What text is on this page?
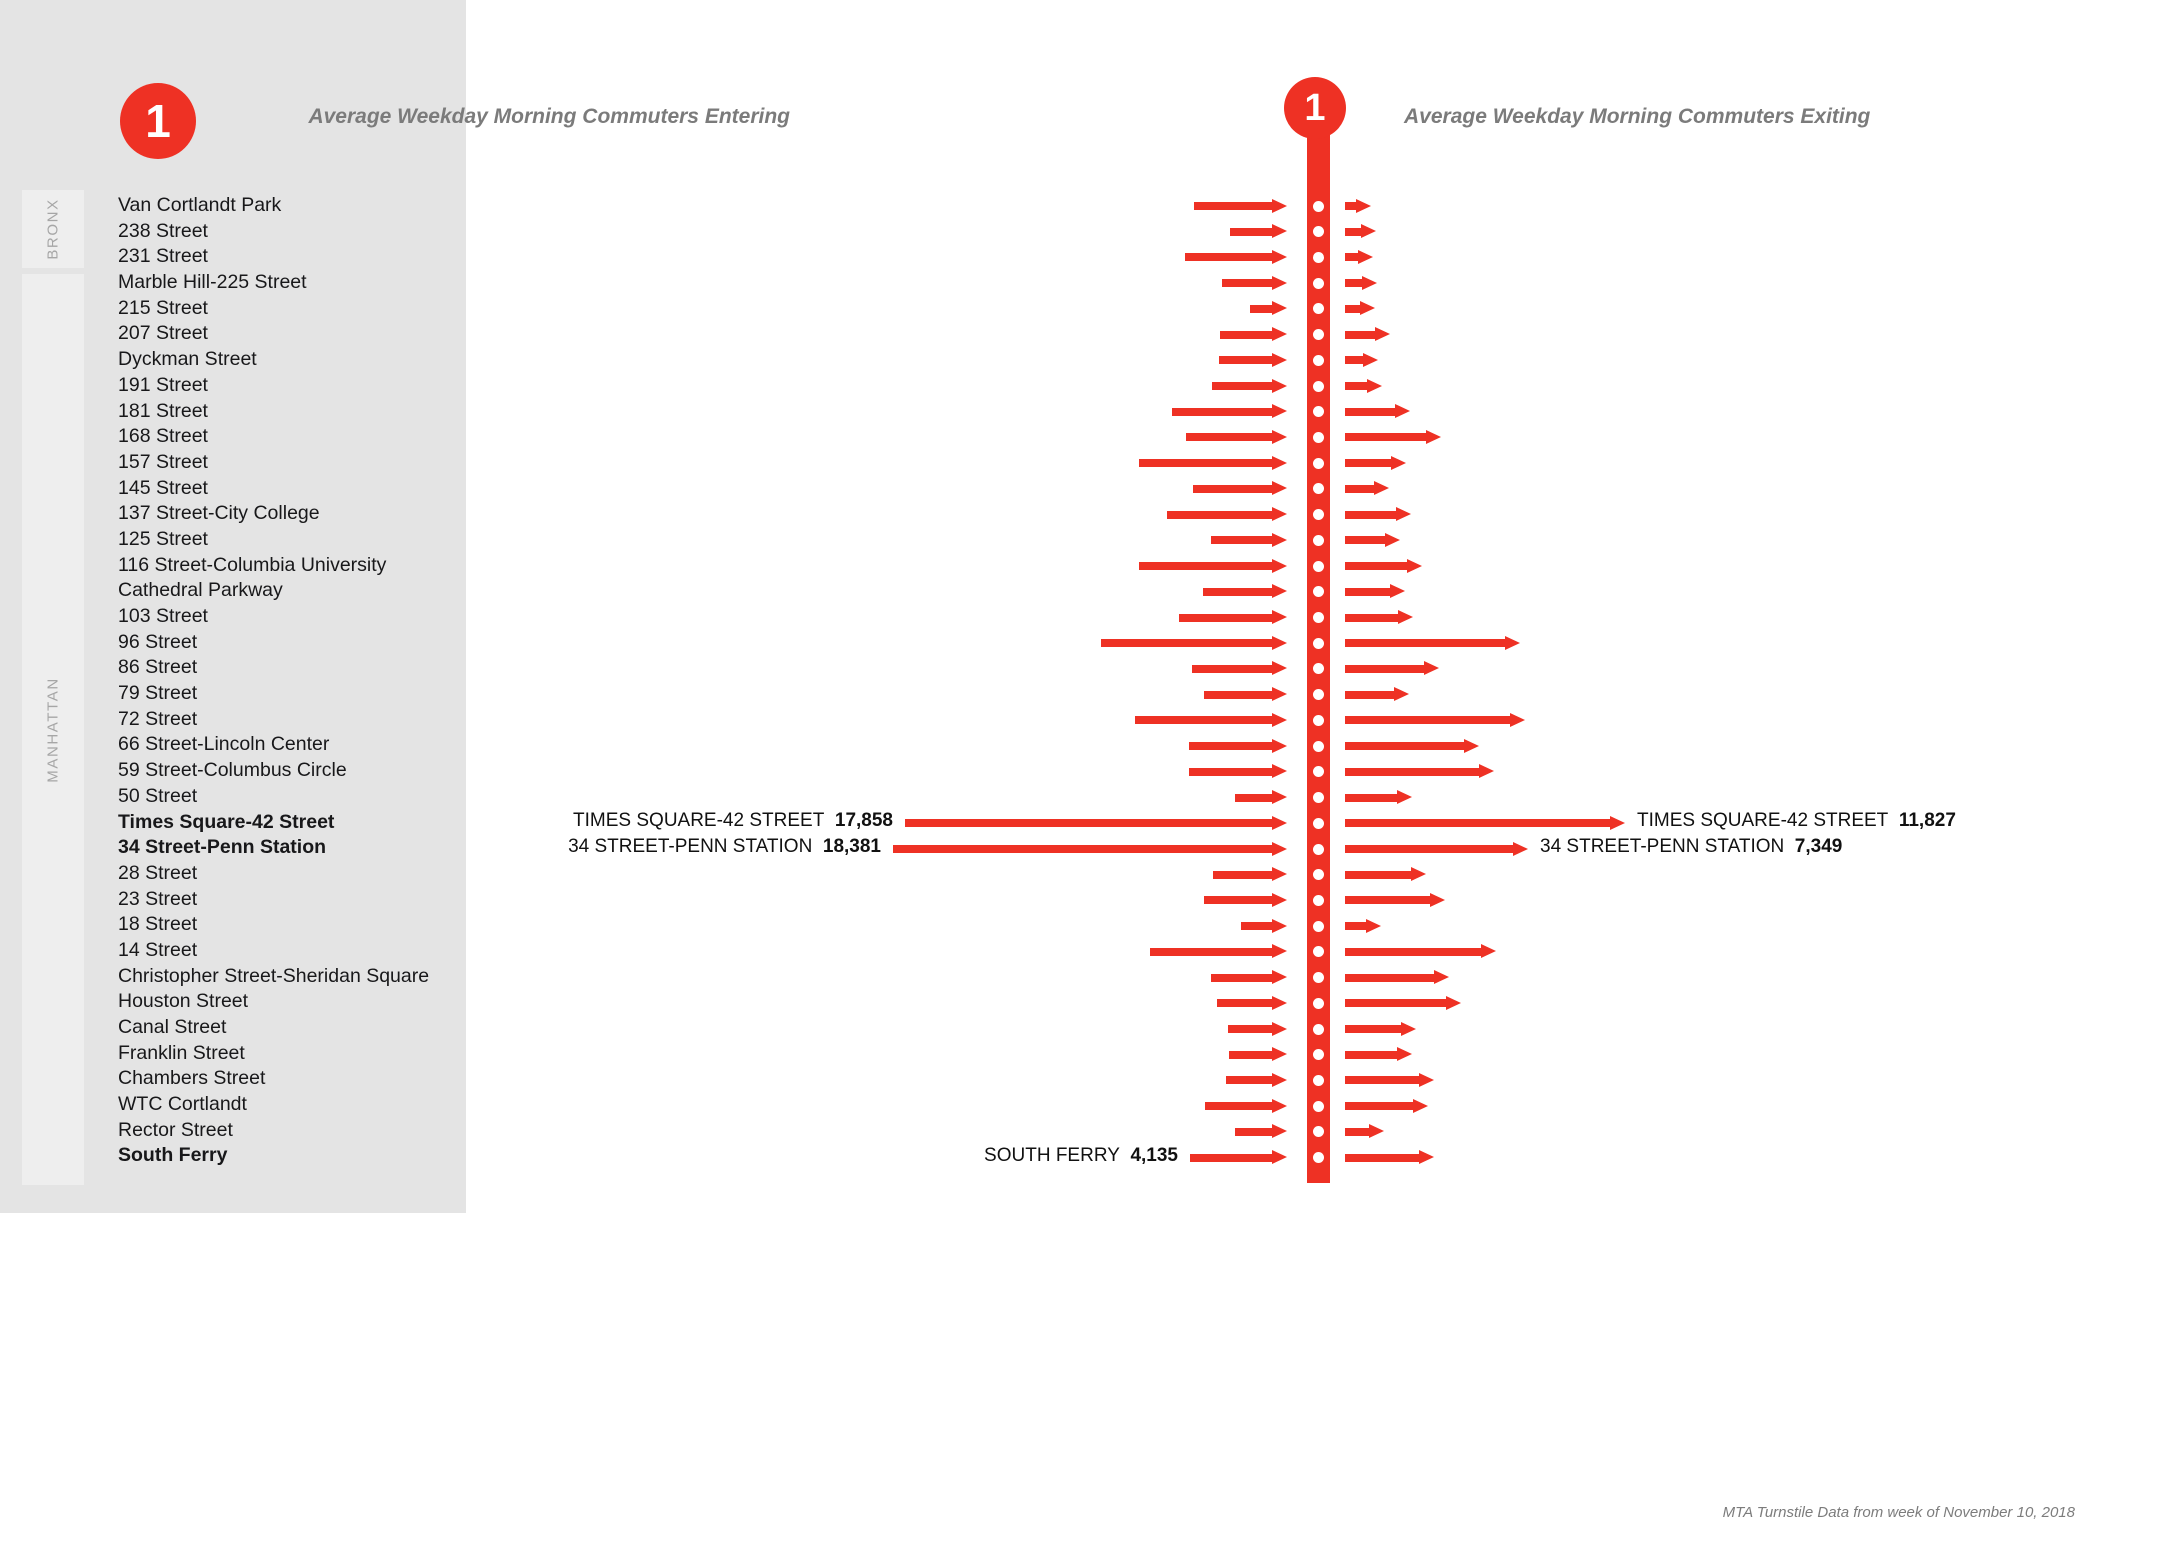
BRONX
MANHATTAN
1
Van Cortlandt Park
238 Street
231 Street
Marble Hill-225 Street
215 Street
207 Street
Dyckman Street
191 Street
181 Street
168 Street
157 Street
145 Street
137 Street-City College
125 Street
116 Street-Columbia University
Cathedral Parkway
103 Street
96 Street
86 Street
79 Street
72 Street
66 Street-Lincoln Center
59 Street-Columbus Circle
50 Street
Times Square-42 Street
34 Street-Penn Station
28 Street
23 Street
18 Street
14 Street
Christopher Street-Sheridan Square
Houston Street
Canal Street
Franklin Street
Chambers Street
WTC Cortlandt
Rector Street
South Ferry
Average Weekday Morning Commuters Entering	Average Weekday Morning Commuters Exiting
1
TIMES SQUARE-42 STREET 17,858
34 STREET-PENN STATION 18,381
SOUTH FERRY 4,135
TIMES SQUARE-42 STREET 11,827
34 STREET-PENN STATION 7,349
MTA Turnstile Data from week of November 10, 2018
